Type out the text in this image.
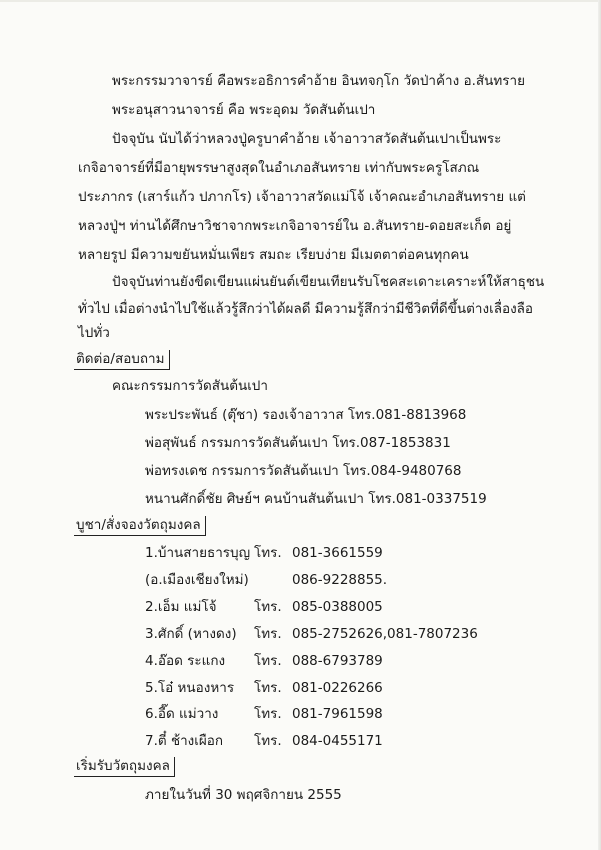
พระกรรมวาจารย์ คือพระอธิการคำอ้าย อินทจกฺโก วัดป่าค้าง อ.สันทราย
พระอนุสาวนาจารย์ คือ พระอุดม วัดสันต้นเปา
ปัจจุบัน นับได้ว่าหลวงปู่ครูบาคำอ้าย เจ้าอาวาสวัดสันต้นเปาเป็นพระ
เกจิอาจารย์ที่มีอายุพรรษาสูงสุดในอำเภอสันทราย เท่ากับพระครูโสภณ
ประภากร (เสาร์แก้ว ปภากโร) เจ้าอาวาสวัดแม่โจ้ เจ้าคณะอำเภอสันทราย แต่
หลวงปู่ฯ ท่านได้ศึกษาวิชาจากพระเกจิอาจารย์ใน อ.สันทราย-ดอยสะเก็ต อยู่
หลายรูป มีความขยันหมั่นเพียร สมถะ เรียบง่าย มีเมตตาต่อคนทุกคน
ปัจจุบันท่านยังขีดเขียนแผ่นยันต์เขียนเทียนรับโชคสะเดาะเคราะห์ให้สาธุชน
ทั่วไป เมื่อต่างนำไปใช้แล้วรู้สึกว่าได้ผลดี มีความรู้สึกว่ามีชีวิตที่ดีขึ้นต่างเลื่องลือ
ไปทั่ว
ติดต่อ/สอบถาม
คณะกรรมการวัดสันต้นเปา
พระประพันธ์ (ตุ๊ชา) รองเจ้าอาวาส โทร.081-8813968
พ่อสุพันธ์ กรรมการวัดสันต้นเปา โทร.087-1853831
พ่อทรงเดช กรรมการวัดสันต้นเปา โทร.084-9480768
หนานศักดิ์ชัย ศิษย์ฯ คนบ้านสันต้นเปา โทร.081-0337519
บูชา/สั่งจองวัตถุมงคล
1.บ้านสายธารบุญ โทร. 081-3661559
(อ.เมืองเชียงใหม่)	086-9228855.
2.เอ็ม แม่โจ้	โทร. 085-0388005
3.ศักดิ์ (หางดง) โทร. 085-2752626,081-7807236
4.อ๊อด ระแกง โทร. 088-6793789
5.โอ๋ หนองหาร โทร. 081-0226266
6.อี๊ด แม่วาง	โทร. 081-7961598
7.ตี๋ ช้างเผือก โทร. 084-0455171
เริ่มรับวัตถุมงคล
ภายในวันที่ 30 พฤศจิกายน 2555
